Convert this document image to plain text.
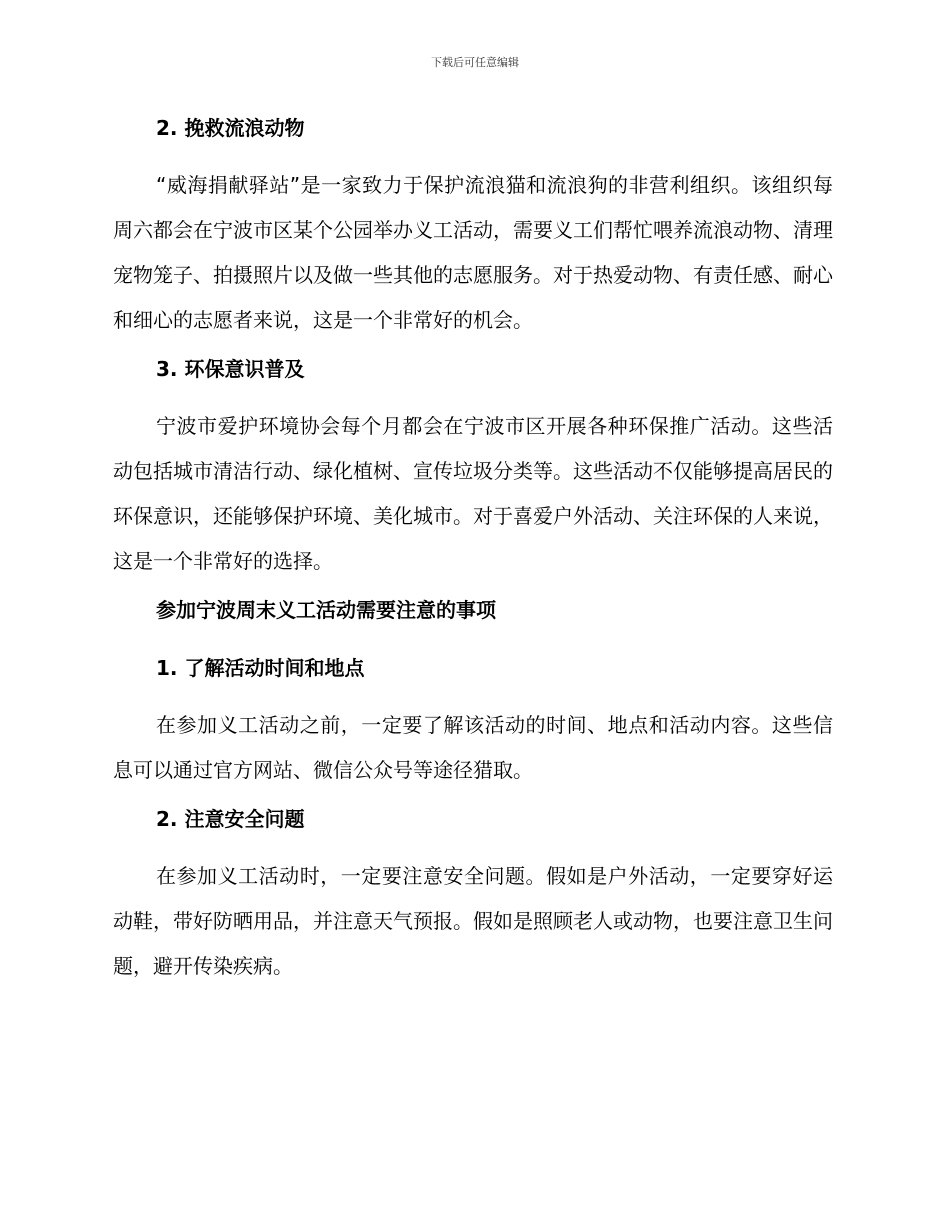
下载后可任意编辑
2. 挽救流浪动物

“威海捐献驿站”是一家致力于保护流浪猫和流浪狗的非营利组织。该组织每周六都会在宁波市区某个公园举办义工活动，需要义工们帮忙喂养流浪动物、清理宠物笼子、拍摄照片以及做一些其他的志愿服务。对于热爱动物、有责任感、耐心和细心的志愿者来说，这是一个非常好的机会。

3. 环保意识普及

宁波市爱护环境协会每个月都会在宁波市区开展各种环保推广活动。这些活动包括城市清洁行动、绿化植树、宣传垃圾分类等。这些活动不仅能够提高居民的环保意识，还能够保护环境、美化城市。对于喜爱户外活动、关注环保的人来说，这是一个非常好的选择。

参加宁波周末义工活动需要注意的事项
1. 了解活动时间和地点

在参加义工活动之前，一定要了解该活动的时间、地点和活动内容。这些信息可以通过官方网站、微信公众号等途径猎取。

2. 注意安全问题

在参加义工活动时，一定要注意安全问题。假如是户外活动，一定要穿好运动鞋，带好防晒用品，并注意天气预报。假如是照顾老人或动物，也要注意卫生问题，避开传染疾病。
